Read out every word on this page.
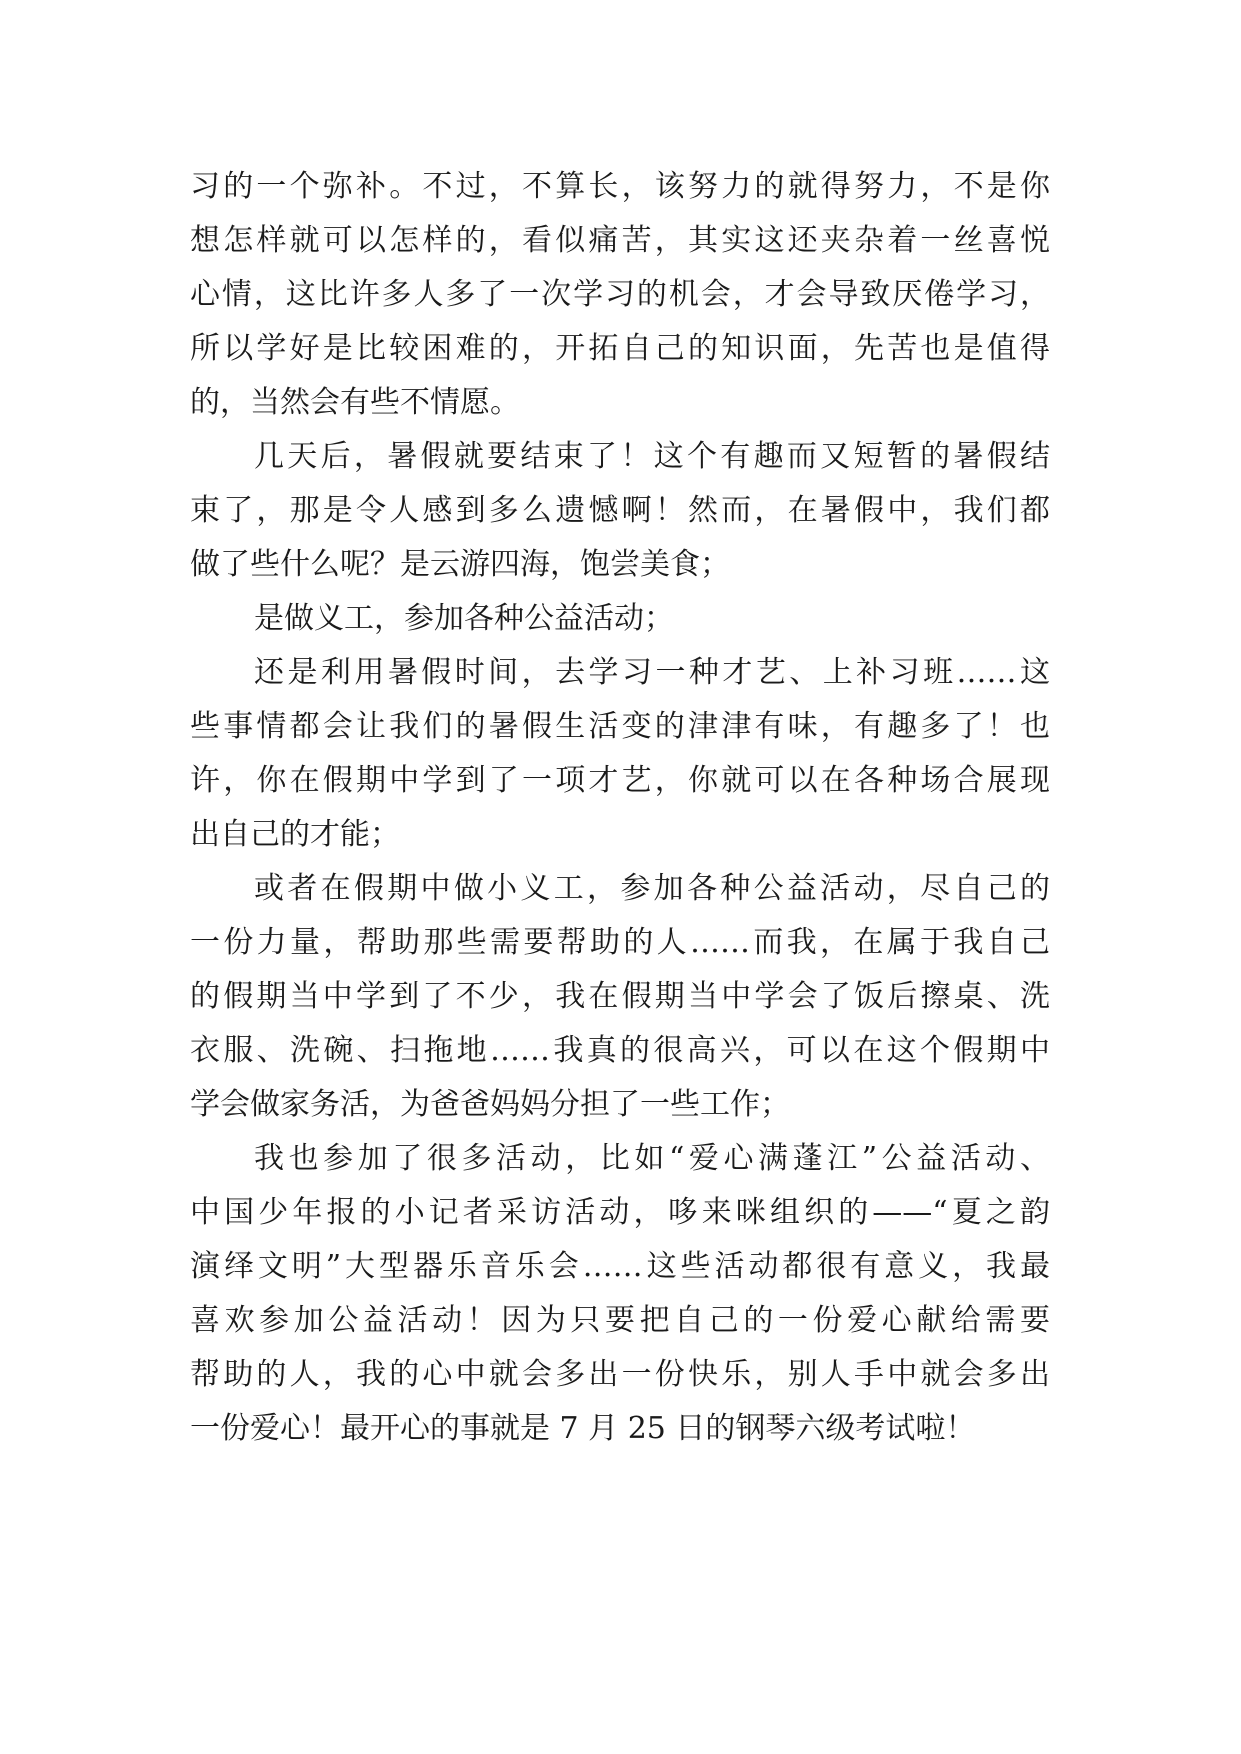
习的一个弥补。不过，不算长，该努力的就得努力，不是你
想怎样就可以怎样的，看似痛苦，其实这还夹杂着一丝喜悦
心情，这比许多人多了一次学习的机会，才会导致厌倦学习，
所以学好是比较困难的，开拓自己的知识面，先苦也是值得
的，当然会有些不情愿。
几天后，暑假就要结束了！这个有趣而又短暂的暑假结
束了，那是令人感到多么遗憾啊！然而，在暑假中，我们都
做了些什么呢？是云游四海，饱尝美食；
是做义工，参加各种公益活动；
还是利用暑假时间，去学习一种才艺、上补习班……这
些事情都会让我们的暑假生活变的津津有味，有趣多了！也
许，你在假期中学到了一项才艺，你就可以在各种场合展现
出自己的才能；
或者在假期中做小义工，参加各种公益活动，尽自己的
一份力量，帮助那些需要帮助的人……而我，在属于我自己
的假期当中学到了不少，我在假期当中学会了饭后擦桌、洗
衣服、洗碗、扫拖地……我真的很高兴，可以在这个假期中
学会做家务活，为爸爸妈妈分担了一些工作；
我也参加了很多活动，比如“爱心满蓬江”公益活动、
中国少年报的小记者采访活动，哆来咪组织的——“夏之韵
演绎文明”大型器乐音乐会……这些活动都很有意义，我最
喜欢参加公益活动！因为只要把自己的一份爱心献给需要
帮助的人，我的心中就会多出一份快乐，别人手中就会多出
一份爱心！最开心的事就是 7 月 25 日的钢琴六级考试啦！
